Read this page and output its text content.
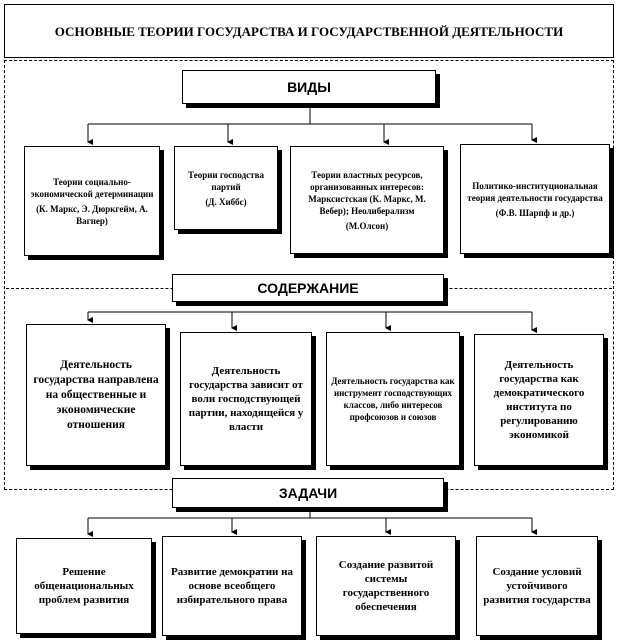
ОСНОВНЫЕ ТЕОРИИ ГОСУДАРСТВА И ГОСУДАРСТВЕННОЙ ДЕЯТЕЛЬНОСТИ
ВИДЫ
СОДЕРЖАНИЕ
ЗАДАЧИ
Теории социально-экономической детерминации
(К. Маркс, Э. Дюркгейм, А. Вагнер)
Теории господства партий
(Д. Хиббс)
Теории властных ресурсов, организованных интересов: Марксистская (К. Маркс, М. Вебер); Неолиберализм
(М.Олсон)
Политико-институциональная теория деятельности государства
(Ф.В. Шарпф и др.)
Деятельность государства направлена на общественные и экономические отношения
Деятельность государства зависит от воли господствующей партии, находящейся у власти
Деятельность государства как инструмент господствующих классов, либо интересов профсоюзов и союзов
Деятельность государства как демократического института по регулированию экономикой
Решение общенациональных проблем развития
Развитие демократии на основе всеобщего избирательного права
Создание развитой системы государственного обеспечения
Создание условий устойчивого развития государства
